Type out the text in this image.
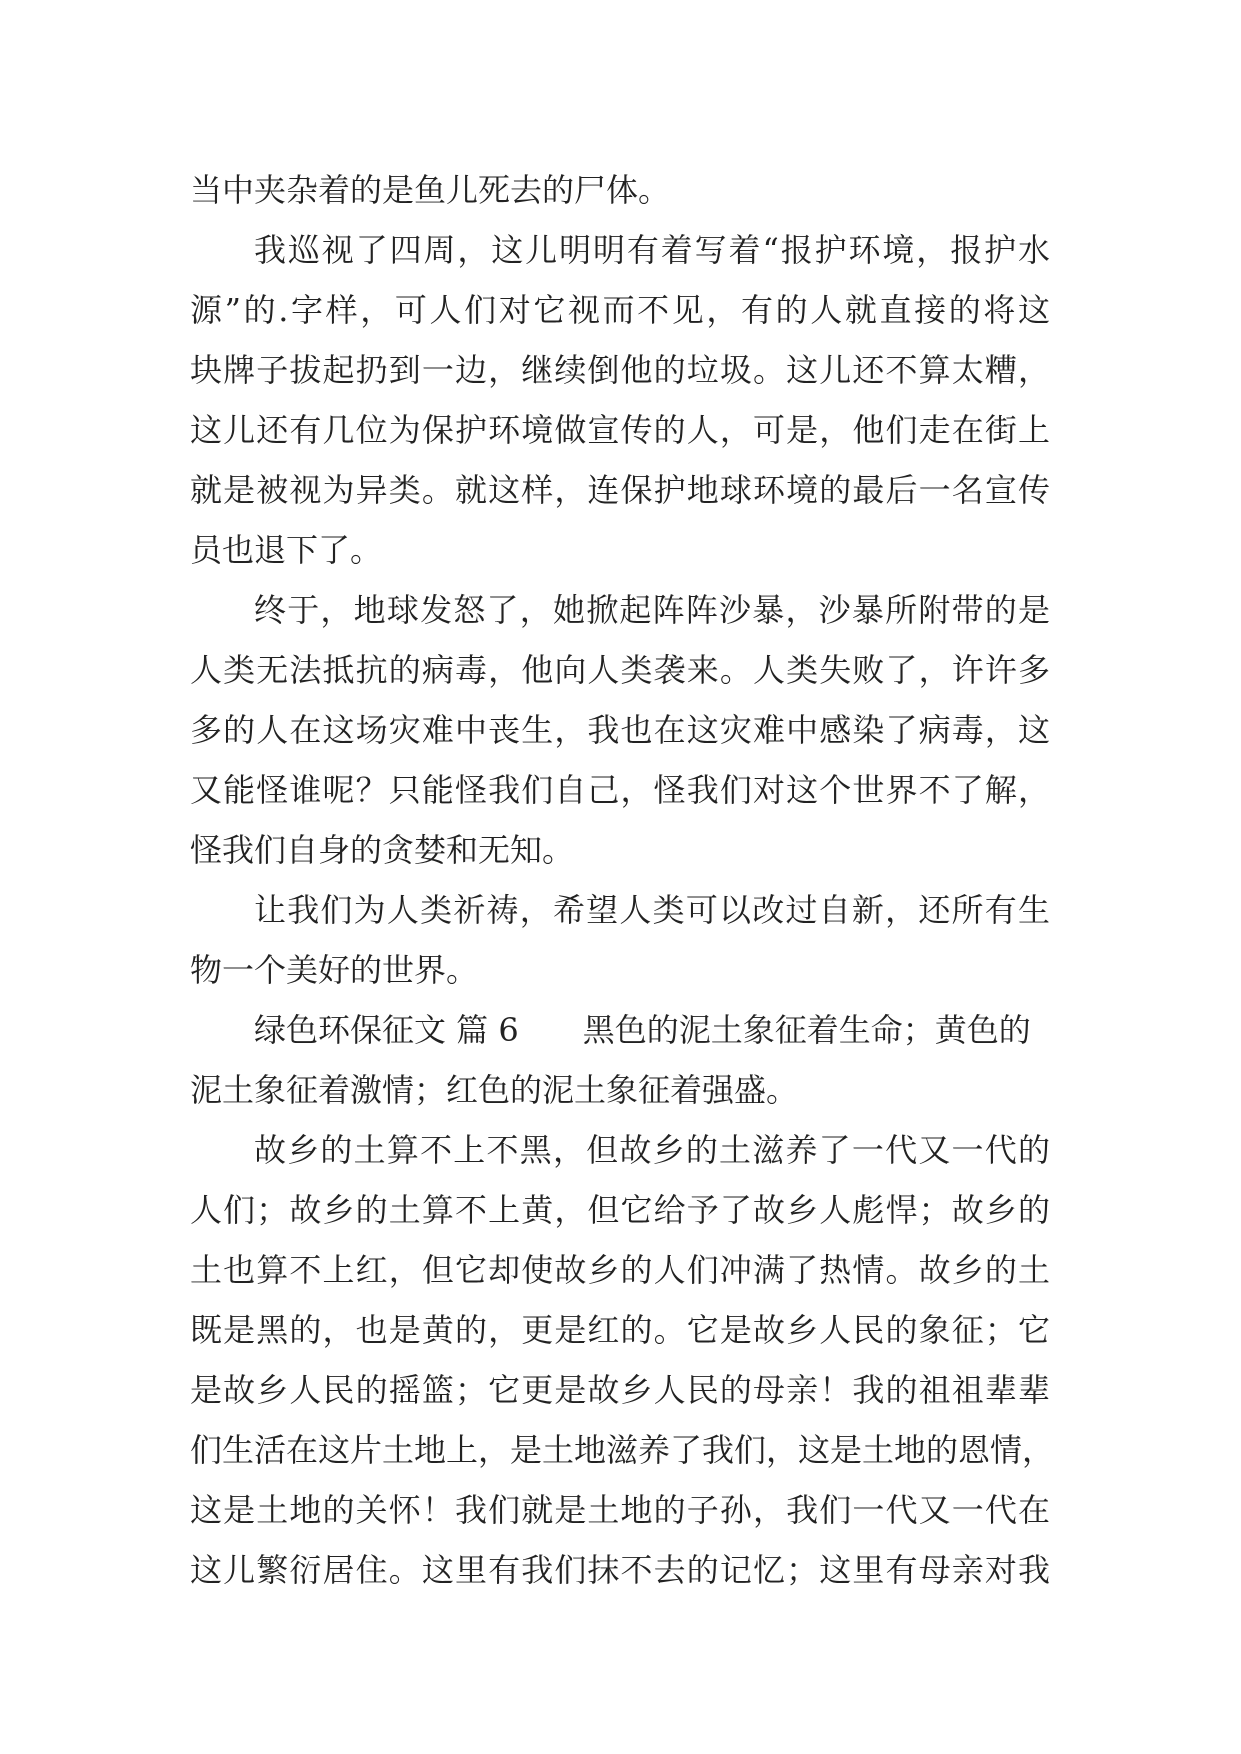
当中夹杂着的是鱼儿死去的尸体。
我巡视了四周，这儿明明有着写着“报护环境，报护水
源”的.字样，可人们对它视而不见，有的人就直接的将这
块牌子拔起扔到一边，继续倒他的垃圾。这儿还不算太糟，
这儿还有几位为保护环境做宣传的人，可是，他们走在街上
就是被视为异类。就这样，连保护地球环境的最后一名宣传
员也退下了。
终于，地球发怒了，她掀起阵阵沙暴，沙暴所附带的是
人类无法抵抗的病毒，他向人类袭来。人类失败了，许许多
多的人在这场灾难中丧生，我也在这灾难中感染了病毒，这
又能怪谁呢？只能怪我们自己，怪我们对这个世界不了解，
怪我们自身的贪婪和无知。
让我们为人类祈祷，希望人类可以改过自新，还所有生
物一个美好的世界。
绿色环保征文 篇 6 黑色的泥土象征着生命；黄色的
泥土象征着激情；红色的泥土象征着强盛。
故乡的土算不上不黑，但故乡的土滋养了一代又一代的
人们；故乡的土算不上黄，但它给予了故乡人彪悍；故乡的
土也算不上红，但它却使故乡的人们冲满了热情。故乡的土
既是黑的，也是黄的，更是红的。它是故乡人民的象征；它
是故乡人民的摇篮；它更是故乡人民的母亲！我的祖祖辈辈
们生活在这片土地上，是土地滋养了我们，这是土地的恩情，
这是土地的关怀！我们就是土地的子孙，我们一代又一代在
这儿繁衍居住。这里有我们抹不去的记忆；这里有母亲对我
